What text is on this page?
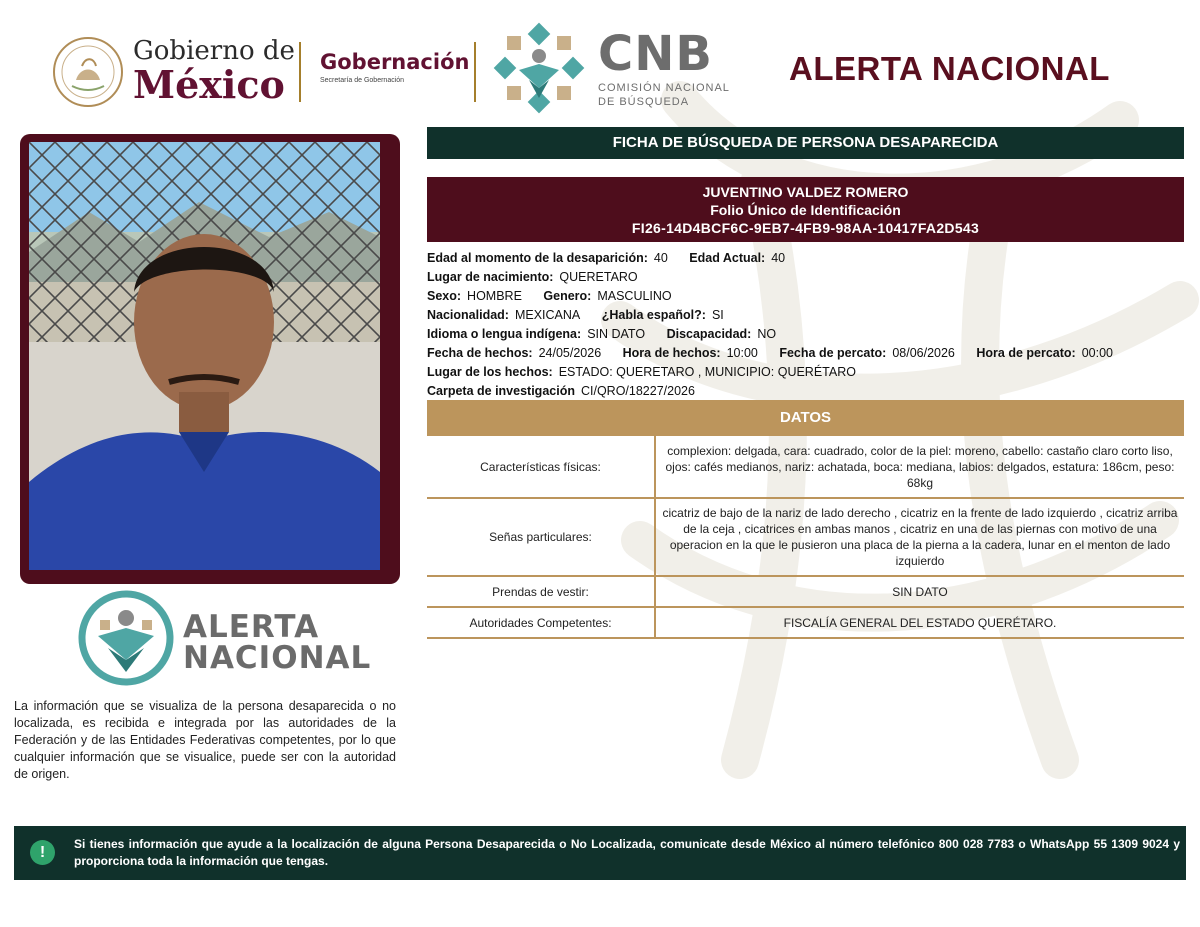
Gobierno de
México	Gobernación
Secretaría de Gobernación	CNB
COMISIÓN NACIONAL
DE BÚSQUEDA
ALERTA NACIONAL
ALERTA
NACIONAL
La información que se visualiza de la persona desaparecida o no localizada, es recibida e integrada por las autoridades de la Federación y de las Entidades Federativas competentes, por lo que cualquier información que se visualice, puede ser con la autoridad de origen.
FICHA DE BÚSQUEDA DE PERSONA DESAPARECIDA
JUVENTINO VALDEZ ROMERO
Folio Único de Identificación
FI26-14D4BCF6C-9EB7-4FB9-98AA-10417FA2D543
Edad al momento de la desaparición: 40 Edad Actual: 40
Lugar de nacimiento: QUERETARO
Sexo: HOMBRE Genero: MASCULINO
Nacionalidad: MEXICANA ¿Habla español?: SI
Idioma o lengua indígena: SIN DATO Discapacidad: NO
Fecha de hechos: 24/05/2026 Hora de hechos: 10:00 Fecha de percato: 08/06/2026 Hora de percato: 00:00
Lugar de los hechos: ESTADO: QUERETARO , MUNICIPIO: QUERÉTARO
Carpeta de investigación CI/QRO/18227/2026
DATOS
Características físicas:	complexion: delgada, cara: cuadrado, color de la piel: moreno, cabello: castaño claro corto liso, ojos: cafés medianos, nariz: achatada, boca: mediana, labios: delgados, estatura: 186cm, peso: 68kg
Señas particulares:	cicatriz de bajo de la nariz de lado derecho , cicatriz en la frente de lado izquierdo , cicatriz arriba de la ceja , cicatrices en ambas manos , cicatriz en una de las piernas con motivo de una operacion en la que le pusieron una placa de la pierna a la cadera, lunar en el menton de lado izquierdo
Prendas de vestir:	SIN DATO
Autoridades Competentes:	FISCALÍA GENERAL DEL ESTADO QUERÉTARO.
!	Si tienes información que ayude a la localización de alguna Persona Desaparecida o No Localizada, comunicate desde México al número telefónico 800 028 7783 o WhatsApp 55 1309 9024 y proporciona toda la información que tengas.
